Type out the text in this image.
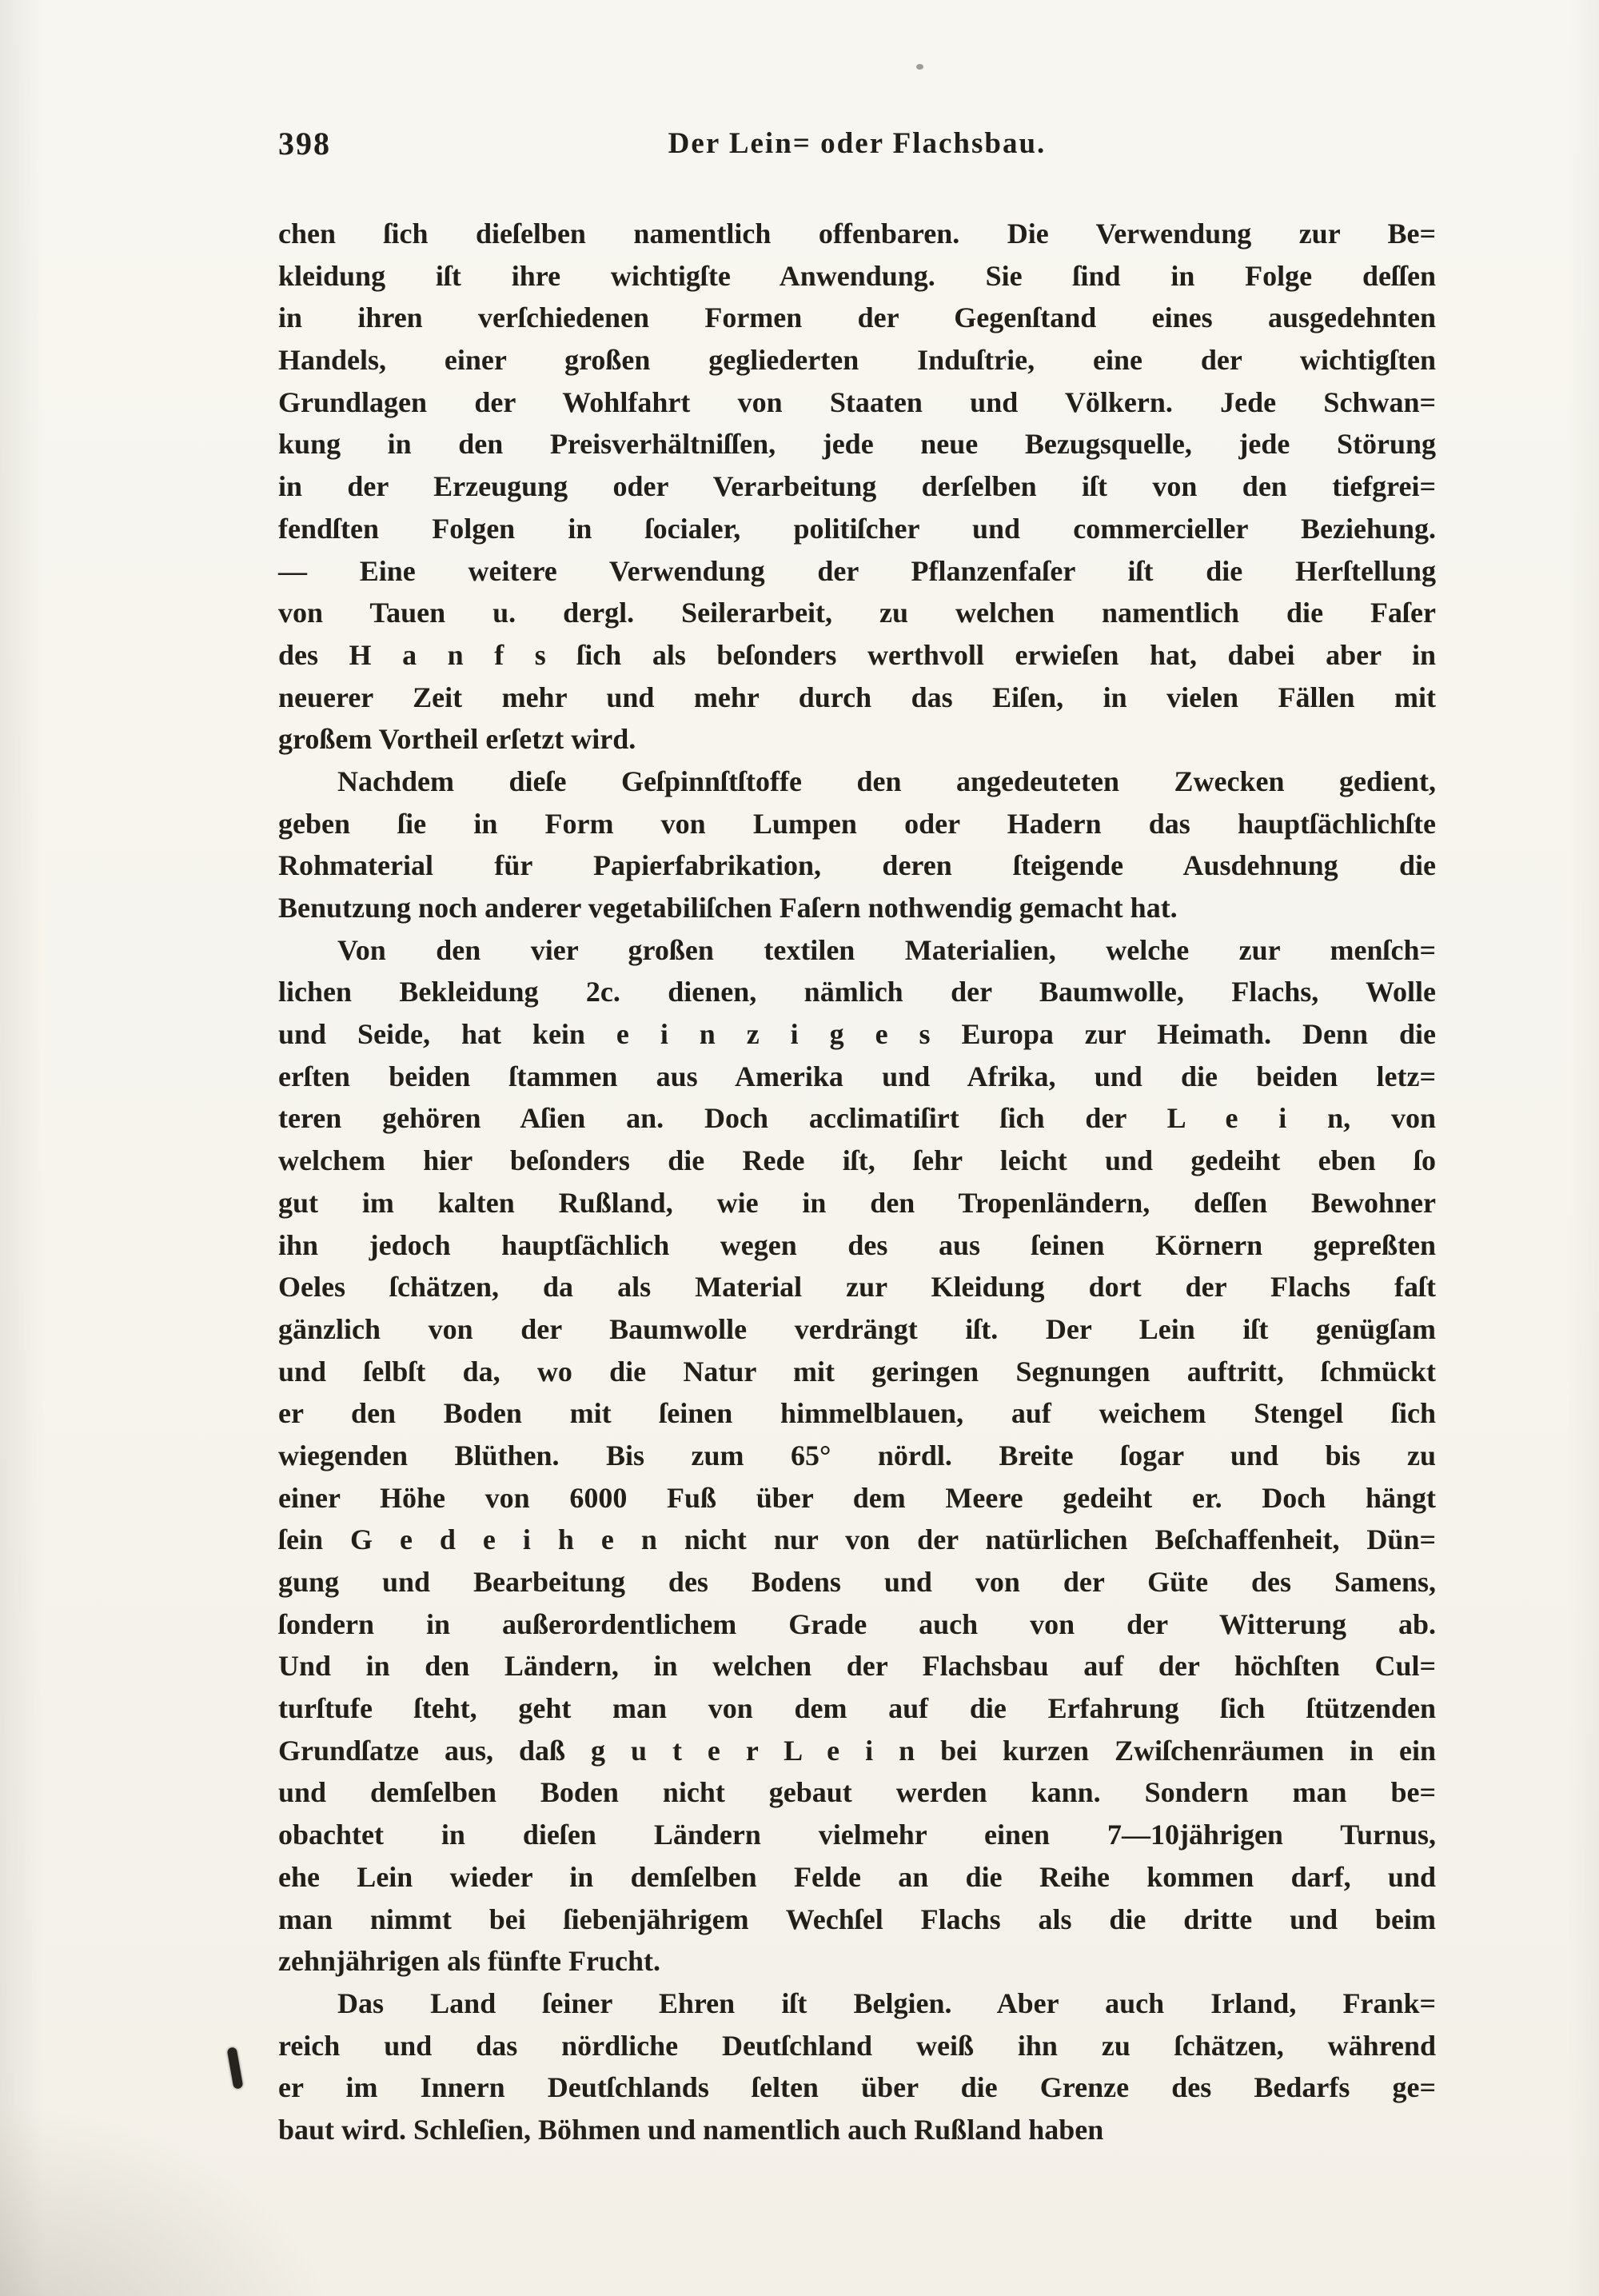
398	Der Lein= oder Flachsbau.
chen ſich dieſelben namentlich offenbaren. Die Verwendung zur Be=
kleidung iſt ihre wichtigſte Anwendung. Sie ſind in Folge deſſen
in ihren verſchiedenen Formen der Gegenſtand eines ausgedehnten
Handels, einer großen gegliederten Induſtrie, eine der wichtigſten
Grundlagen der Wohlfahrt von Staaten und Völkern. Jede Schwan=
kung in den Preisverhältniſſen, jede neue Bezugsquelle, jede Störung
in der Erzeugung oder Verarbeitung derſelben iſt von den tiefgrei=
fendſten Folgen in ſocialer, politiſcher und commercieller Beziehung.
— Eine weitere Verwendung der Pflanzenfaſer iſt die Herſtellung
von Tauen u. dergl. Seilerarbeit, zu welchen namentlich die Faſer
des H a n f s ſich als beſonders werthvoll erwieſen hat, dabei aber in
neuerer Zeit mehr und mehr durch das Eiſen, in vielen Fällen mit
großem Vortheil erſetzt wird.
Nachdem dieſe Geſpinnſtſtoffe den angedeuteten Zwecken gedient,
geben ſie in Form von Lumpen oder Hadern das hauptſächlichſte
Rohmaterial für Papierfabrikation, deren ſteigende Ausdehnung die
Benutzung noch anderer vegetabiliſchen Faſern nothwendig gemacht hat.
Von den vier großen textilen Materialien, welche zur menſch=
lichen Bekleidung 2c. dienen, nämlich der Baumwolle, Flachs, Wolle
und Seide, hat kein e i n z i g e s Europa zur Heimath. Denn die
erſten beiden ſtammen aus Amerika und Afrika, und die beiden letz=
teren gehören Aſien an. Doch acclimatiſirt ſich der L e i n, von
welchem hier beſonders die Rede iſt, ſehr leicht und gedeiht eben ſo
gut im kalten Rußland, wie in den Tropenländern, deſſen Bewohner
ihn jedoch hauptſächlich wegen des aus ſeinen Körnern gepreßten
Oeles ſchätzen, da als Material zur Kleidung dort der Flachs faſt
gänzlich von der Baumwolle verdrängt iſt. Der Lein iſt genügſam
und ſelbſt da, wo die Natur mit geringen Segnungen auftritt, ſchmückt
er den Boden mit ſeinen himmelblauen, auf weichem Stengel ſich
wiegenden Blüthen. Bis zum 65° nördl. Breite ſogar und bis zu
einer Höhe von 6000 Fuß über dem Meere gedeiht er. Doch hängt
ſein G e d e i h e n nicht nur von der natürlichen Beſchaffenheit, Dün=
gung und Bearbeitung des Bodens und von der Güte des Samens,
ſondern in außerordentlichem Grade auch von der Witterung ab.
Und in den Ländern, in welchen der Flachsbau auf der höchſten Cul=
turſtufe ſteht, geht man von dem auf die Erfahrung ſich ſtützenden
Grundſatze aus, daß g u t e r L e i n bei kurzen Zwiſchenräumen in ein
und demſelben Boden nicht gebaut werden kann. Sondern man be=
obachtet in dieſen Ländern vielmehr einen 7—10jährigen Turnus,
ehe Lein wieder in demſelben Felde an die Reihe kommen darf, und
man nimmt bei ſiebenjährigem Wechſel Flachs als die dritte und beim
zehnjährigen als fünfte Frucht.
Das Land ſeiner Ehren iſt Belgien. Aber auch Irland, Frank=
reich und das nördliche Deutſchland weiß ihn zu ſchätzen, während
er im Innern Deutſchlands ſelten über die Grenze des Bedarfs ge=
baut wird. Schleſien, Böhmen und namentlich auch Rußland haben
